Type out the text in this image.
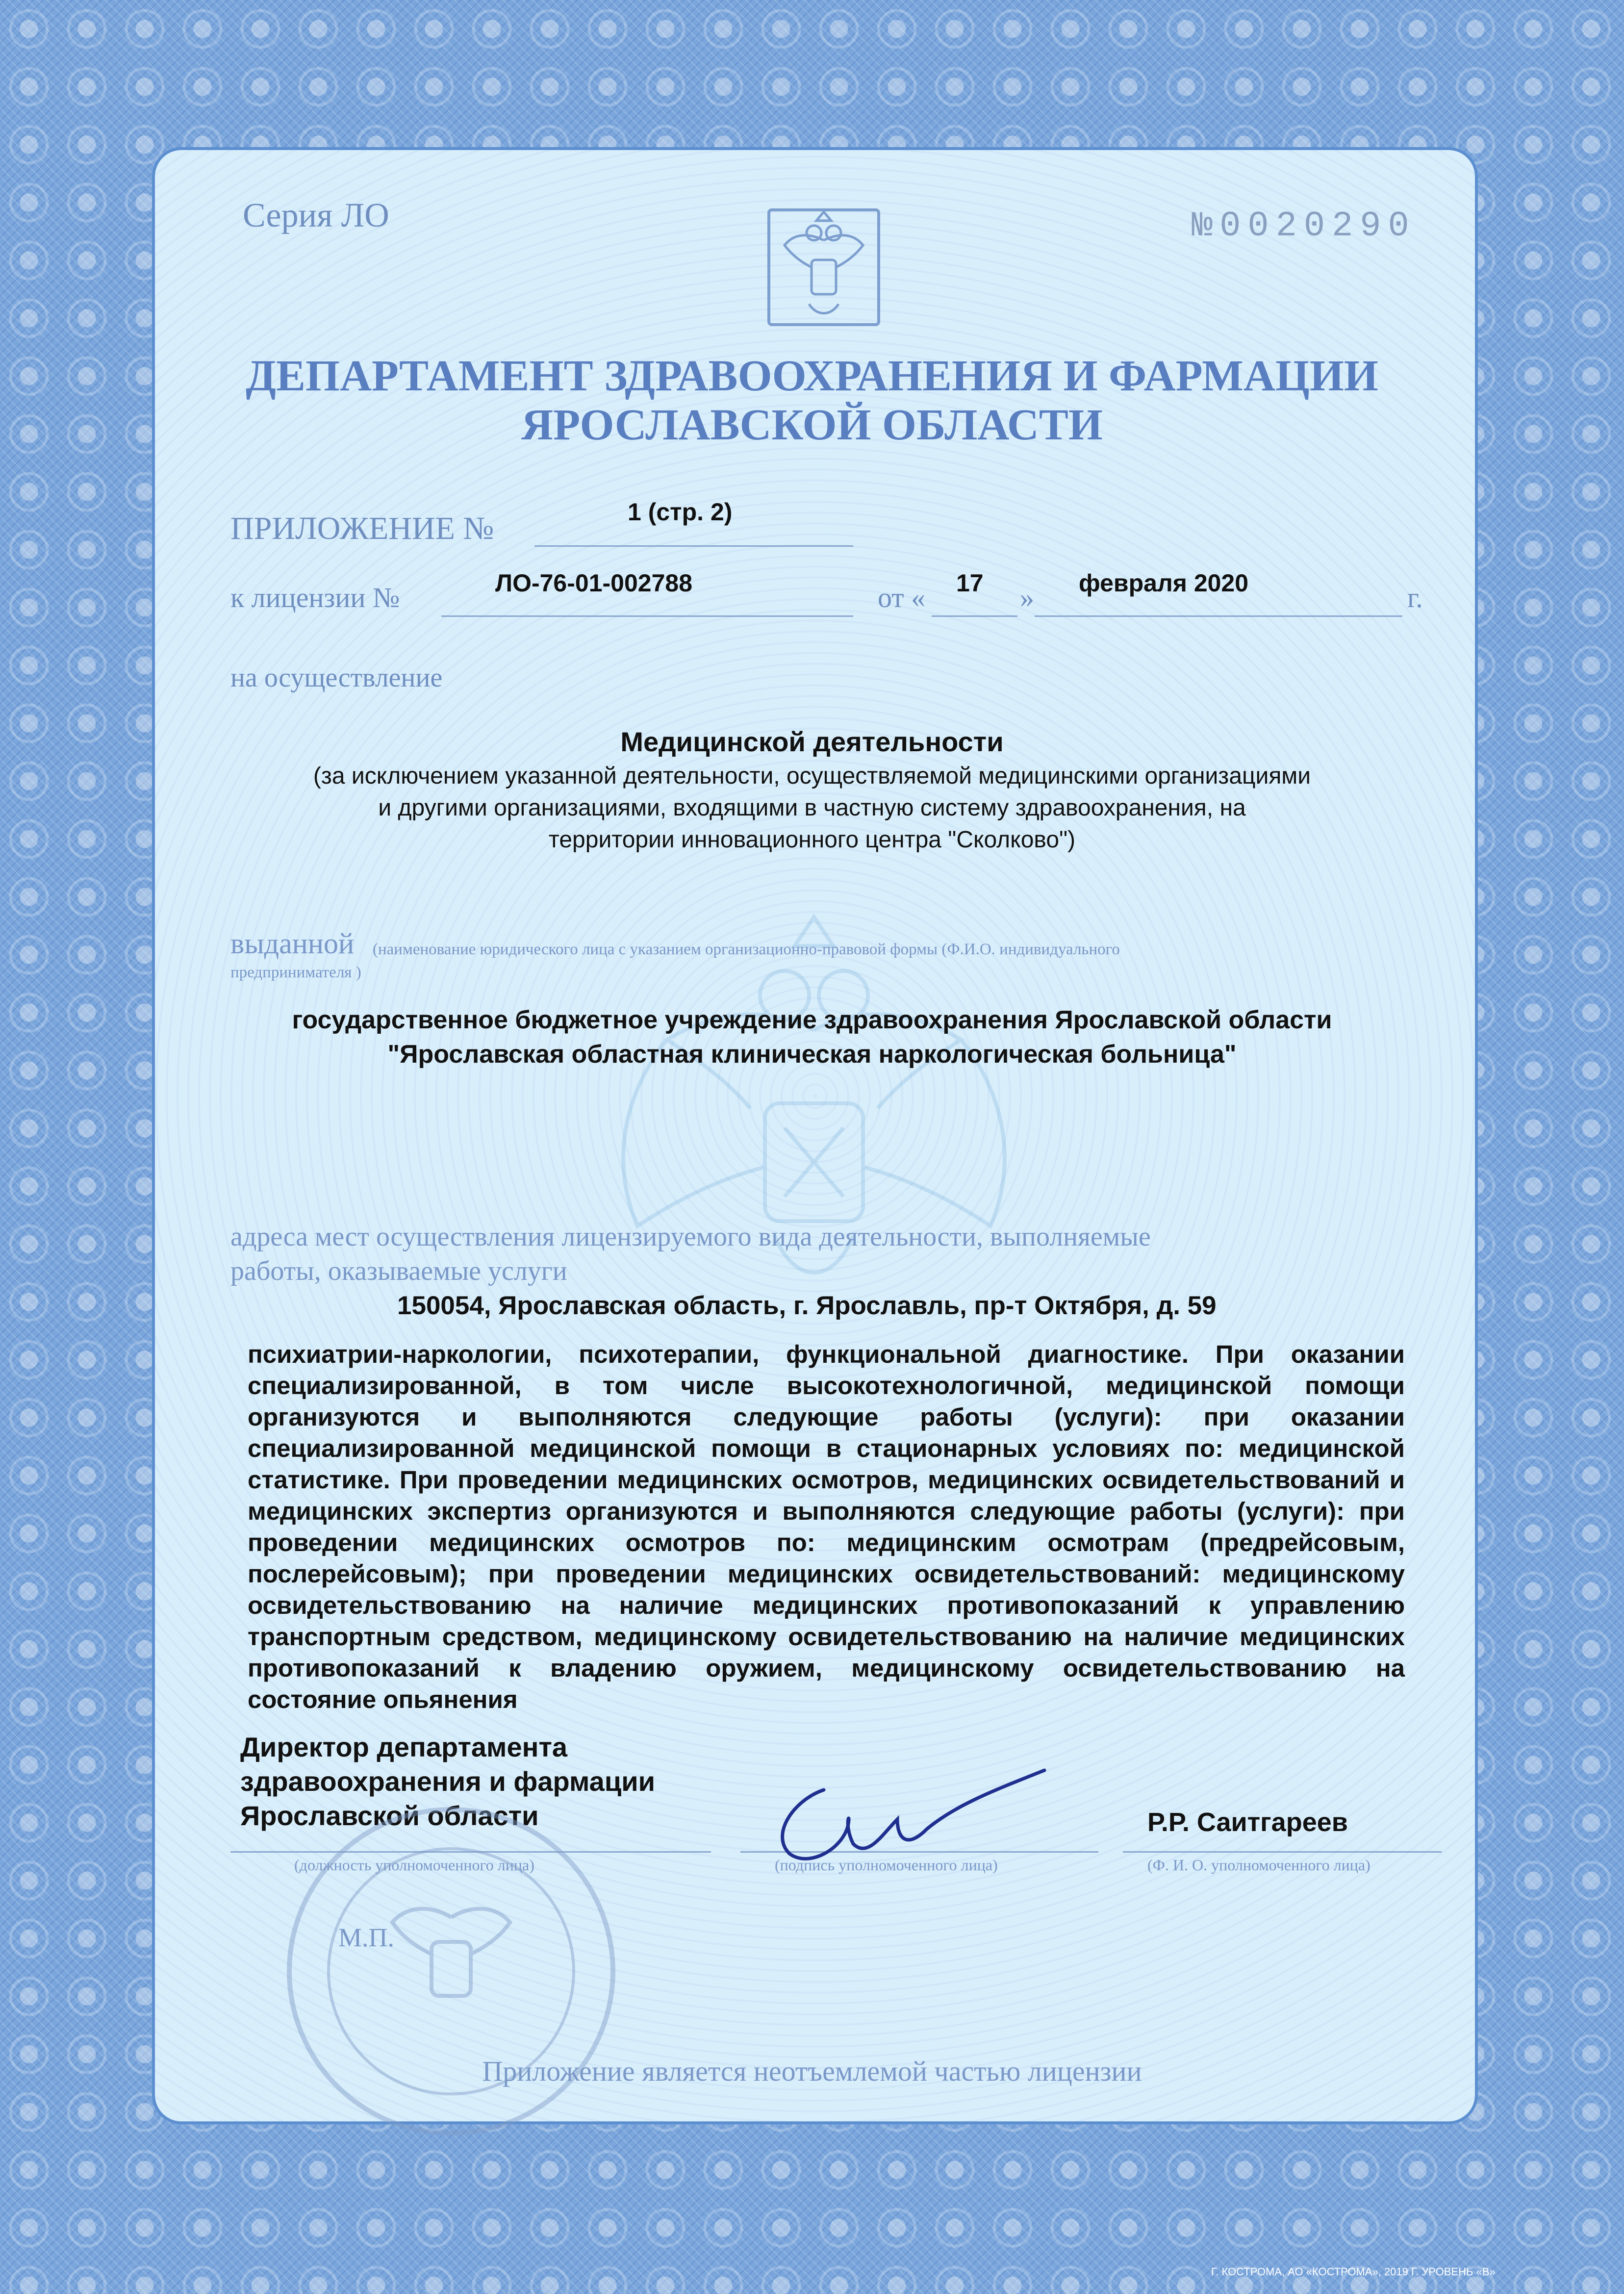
Серия ЛО	№0020290
ДЕПАРТАМЕНТ ЗДРАВООХРАНЕНИЯ И ФАРМАЦИИ
ЯРОСЛАВСКОЙ ОБЛАСТИ
ПРИЛОЖЕНИЕ №	1 (стр. 2)
к лицензии №	ЛО-76-01-002788	от « 17 » февраля 2020	г.
на осуществление
Медицинской деятельности
(за исключением указанной деятельности, осуществляемой медицинскими организациями
и другими организациями, входящими в частную систему здравоохранения, на
территории инновационного центра "Сколково")
выданной (наименование юридического лица с указанием организационно-правовой формы (Ф.И.О. индивидуального
предпринимателя )
государственное бюджетное учреждение здравоохранения Ярославской области
"Ярославская областная клиническая наркологическая больница"
адреса мест осуществления лицензируемого вида деятельности, выполняемые
работы, оказываемые услуги
150054, Ярославская область, г. Ярославль, пр-т Октября, д. 59
психиатрии-наркологии, психотерапии, функциональной диагностике. При оказании специализированной, в том числе высокотехнологичной, медицинской помощи организуются и выполняются следующие работы (услуги): при оказании специализированной медицинской помощи в стационарных условиях по: медицинской статистике. При проведении медицинских осмотров, медицинских освидетельствований и медицинских экспертиз организуются и выполняются следующие работы (услуги): при проведении медицинских осмотров по: медицинским осмотрам (предрейсовым, послерейсовым); при проведении медицинских освидетельствований: медицинскому освидетельствованию на наличие медицинских противопоказаний к управлению транспортным средством, медицинскому освидетельствованию на наличие медицинских противопоказаний к владению оружием, медицинскому освидетельствованию на состояние опьянения
Директор департамента
здравоохранения и фармации
Ярославской области	Р.Р. Саитгареев
(должность уполномоченного лица)	(подпись уполномоченного лица)	(Ф. И. О. уполномоченного лица)
М.П.
Приложение является неотъемлемой частью лицензии
Г. КОСТРОМА, АО «КОСТРОМА», 2019 Г. УРОВЕНЬ «В»
